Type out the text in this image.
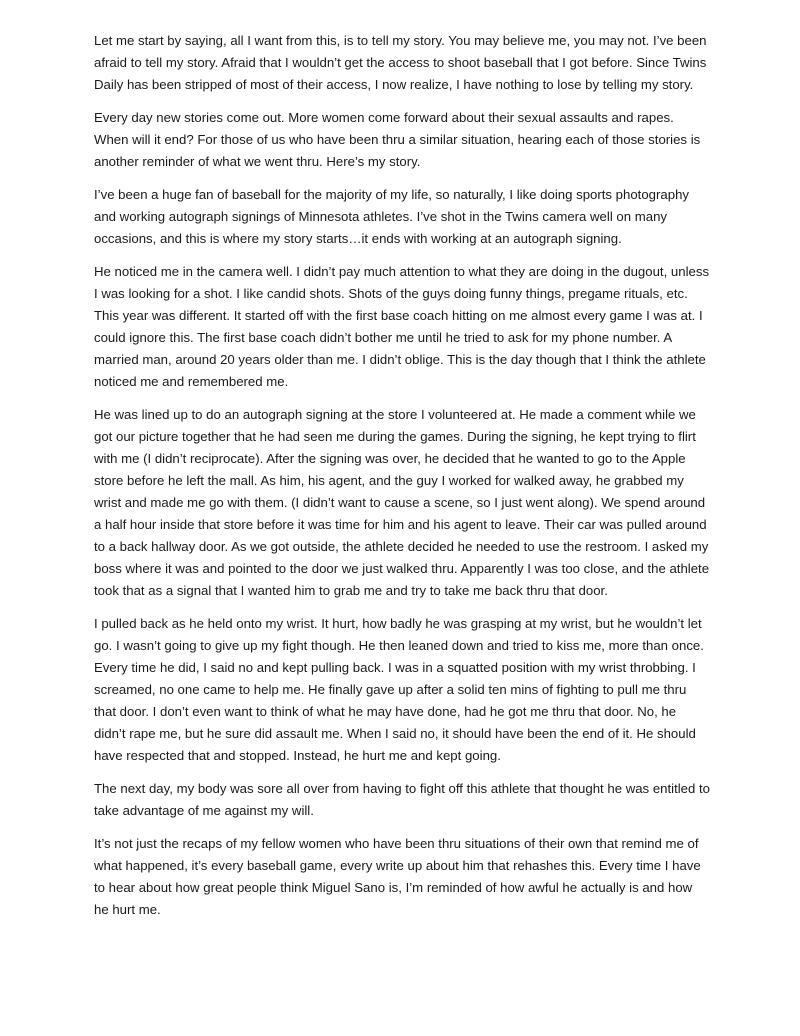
Let me start by saying, all I want from this, is to tell my story. You may believe me, you may not. I’ve been afraid to tell my story. Afraid that I wouldn’t get the access to shoot baseball that I got before. Since Twins Daily has been stripped of most of their access, I now realize, I have nothing to lose by telling my story.

Every day new stories come out. More women come forward about their sexual assaults and rapes. When will it end? For those of us who have been thru a similar situation, hearing each of those stories is another reminder of what we went thru. Here’s my story.

I’ve been a huge fan of baseball for the majority of my life, so naturally, I like doing sports photography and working autograph signings of Minnesota athletes. I’ve shot in the Twins camera well on many occasions, and this is where my story starts…it ends with working at an autograph signing.

He noticed me in the camera well. I didn’t pay much attention to what they are doing in the dugout, unless I was looking for a shot. I like candid shots. Shots of the guys doing funny things, pregame rituals, etc. This year was different. It started off with the first base coach hitting on me almost every game I was at. I could ignore this. The first base coach didn’t bother me until he tried to ask for my phone number. A married man, around 20 years older than me. I didn’t oblige. This is the day though that I think the athlete noticed me and remembered me.

He was lined up to do an autograph signing at the store I volunteered at. He made a comment while we got our picture together that he had seen me during the games. During the signing, he kept trying to flirt with me (I didn’t reciprocate). After the signing was over, he decided that he wanted to go to the Apple store before he left the mall. As him, his agent, and the guy I worked for walked away, he grabbed my wrist and made me go with them. (I didn’t want to cause a scene, so I just went along). We spend around a half hour inside that store before it was time for him and his agent to leave. Their car was pulled around to a back hallway door. As we got outside, the athlete decided he needed to use the restroom. I asked my boss where it was and pointed to the door we just walked thru. Apparently I was too close, and the athlete took that as a signal that I wanted him to grab me and try to take me back thru that door.

I pulled back as he held onto my wrist. It hurt, how badly he was grasping at my wrist, but he wouldn’t let go. I wasn’t going to give up my fight though. He then leaned down and tried to kiss me, more than once. Every time he did, I said no and kept pulling back. I was in a squatted position with my wrist throbbing. I screamed, no one came to help me. He finally gave up after a solid ten mins of fighting to pull me thru that door. I don’t even want to think of what he may have done, had he got me thru that door. No, he didn’t rape me, but he sure did assault me. When I said no, it should have been the end of it. He should have respected that and stopped. Instead, he hurt me and kept going.

The next day, my body was sore all over from having to fight off this athlete that thought he was entitled to take advantage of me against my will.

It’s not just the recaps of my fellow women who have been thru situations of their own that remind me of what happened, it’s every baseball game, every write up about him that rehashes this. Every time I have to hear about how great people think Miguel Sano is, I’m reminded of how awful he actually is and how he hurt me.
